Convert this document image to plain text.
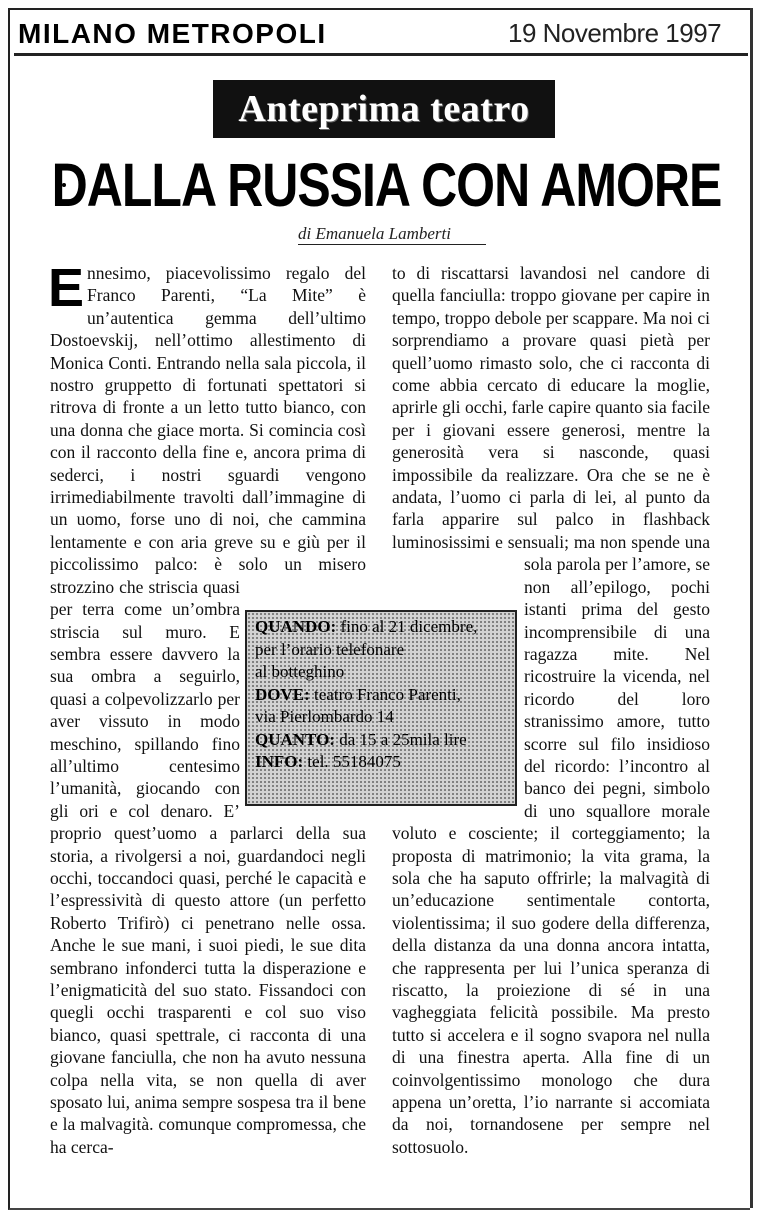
MILANO METROPOLI	19 Novembre 1997
Anteprima teatro
DALLA RUSSIA CON AMORE
di Emanuela Lamberti
E nnesimo, piacevolissimo regalo del Franco Parenti, “La Mite” è un’autentica gemma dell’ultimo Dostoevskij, nell’ottimo allestimento di Monica Conti. Entrando nella sala piccola, il nostro gruppetto di fortunati spettatori si ritrova di fronte a un letto tutto bianco, con una donna che giace morta. Si comincia così con il racconto della fine e, ancora prima di sederci, i nostri sguardi vengono irrimediabilmente travolti dall’immagine di un uomo, forse uno di noi, che cammina lentamente e con aria greve su e giù per il piccolissimo palco: è solo un misero strozzino che striscia quasi per terra come un’ombra striscia sul muro. E sembra essere davvero la sua ombra a seguirlo, quasi a colpevolizzarlo per aver vissuto in modo meschino, spillando fino all’ultimo centesimo l’umanità, giocando con gli ori e col denaro. E’ proprio quest’uomo a parlarci della sua storia, a rivolgersi a noi, guardandoci negli occhi, toccandoci quasi, perché le capacità e l’espressività di questo attore (un perfetto Roberto Trifirò) ci penetrano nelle ossa. Anche le sue mani, i suoi piedi, le sue dita sembrano infonderci tutta la disperazione e l’enigmaticità del suo stato. Fissandoci con quegli occhi trasparenti e col suo viso bianco, quasi spettrale, ci racconta di una giovane fanciulla, che non ha avuto nessuna colpa nella vita, se non quella di aver sposato lui, anima sempre sospesa tra il bene e la malvagità. comunque compromessa, che ha cerca-

to di riscattarsi lavandosi nel candore di quella fanciulla: troppo giovane per capire in tempo, troppo debole per scappare. Ma noi ci sorprendiamo a provare quasi pietà per quell’uomo rimasto solo, che ci racconta di come abbia cercato di educare la moglie, aprirle gli occhi, farle capire quanto sia facile per i giovani essere generosi, mentre la generosità vera si nasconde, quasi impossibile da realizzare. Ora che se ne è andata, l’uomo ci parla di lei, al punto da farla apparire sul palco in flashback luminosissimi e sensuali; ma non spende una sola parola per l’amore, se non all’epilogo, pochi istanti prima del gesto incomprensibile di una ragazza mite. Nel ricostruire la vicenda, nel ricordo del loro stranissimo amore, tutto scorre sul filo insidioso del ricordo: l’incontro al banco dei pegni, simbolo di uno squallore morale voluto e cosciente; il corteggiamento; la proposta di matrimonio; la vita grama, la sola che ha saputo offrirle; la malvagità di un’educazione sentimentale contorta, violentissima; il suo godere della differenza, della distanza da una donna ancora intatta, che rappresenta per lui l’unica speranza di riscatto, la proiezione di sé in una vagheggiata felicità possibile. Ma presto tutto si accelera e il sogno svapora nel nulla di una finestra aperta. Alla fine di un coinvolgentissimo monologo che dura appena un’oretta, l’io narrante si accomiata da noi, tornandosene per sempre nel sottosuolo.

QUANDO: fino al 21 dicembre,
per l’orario telefonare
al botteghino
DOVE: teatro Franco Parenti,
via Pierlombardo 14
QUANTO: da 15 a 25mila lire
INFO: tel. 55184075
